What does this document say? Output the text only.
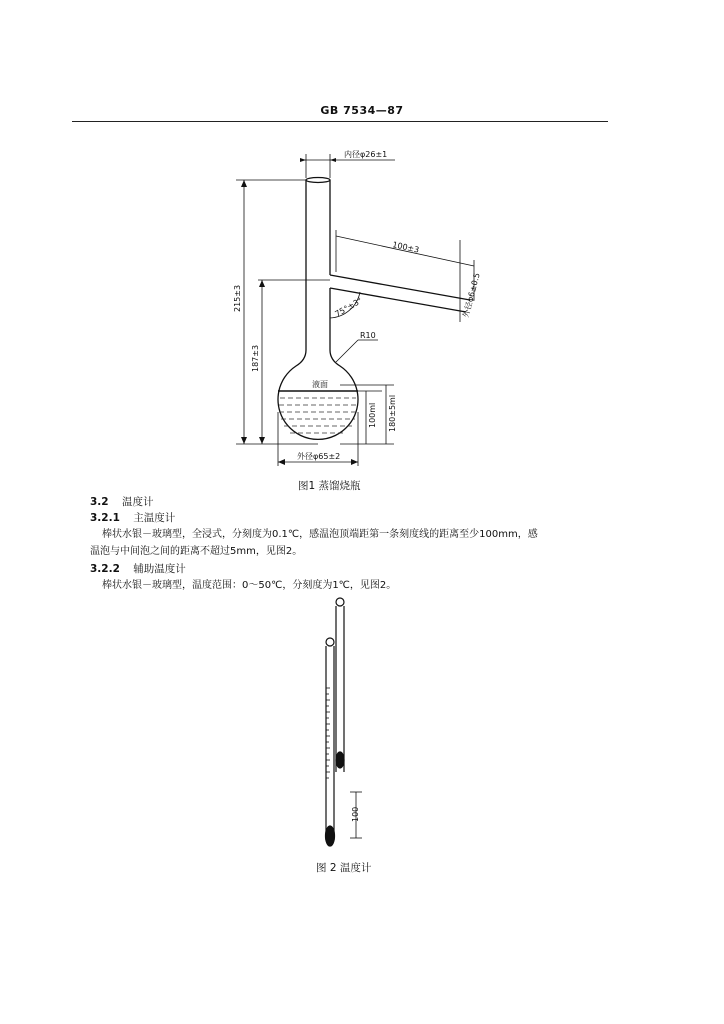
GB 7534—87
内径φ26±1
100±3
外径φ6±0.5
75°±3°
R10
215±3
187±3
液面
100ml 180±5ml
外径φ65±2
图1 蒸馏烧瓶
3.2 温度计
3.2.1 主温度计
棒状水银－玻璃型，全浸式，分刻度为0.1℃，感温泡顶端距第一条刻度线的距离至少100mm，感
温泡与中间泡之间的距离不超过5mm，见图2。
3.2.2 辅助温度计
棒状水银－玻璃型，温度范围：0～50℃，分刻度为1℃，见图2。
100
图 2 温度计
